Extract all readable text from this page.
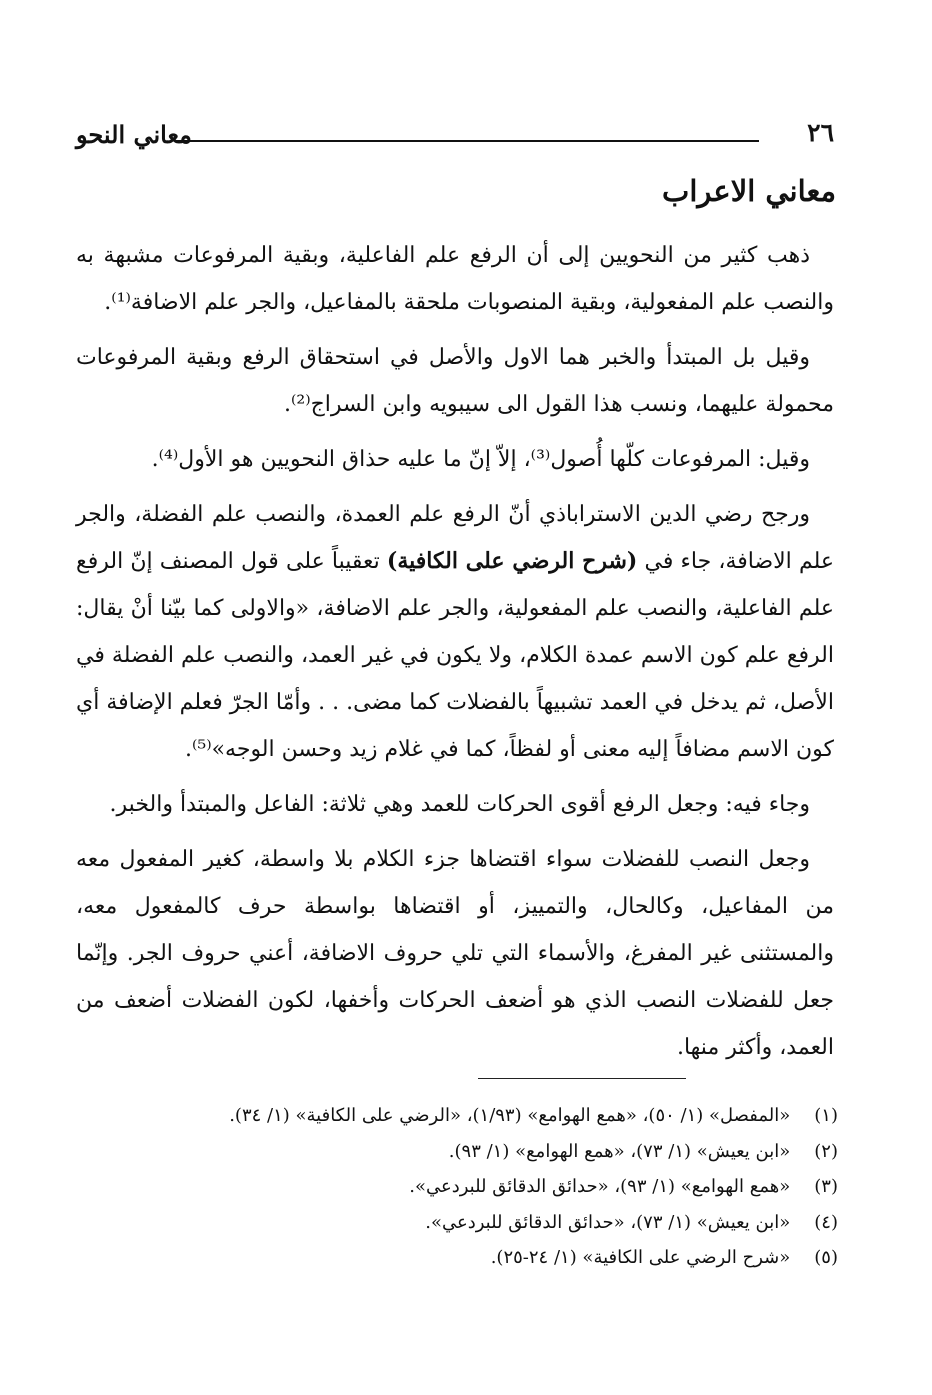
٢٦
معاني النحو
معاني الاعراب

ذهب كثير من النحويين إلى أن الرفع علم الفاعلية، وبقية المرفوعات مشبهة به والنصب علم المفعولية، وبقية المنصوبات ملحقة بالمفاعيل، والجر علم الاضافة⁽¹⁾.

وقيل بل المبتدأ والخبر هما الاول والأصل في استحقاق الرفع وبقية المرفوعات محمولة عليهما، ونسب هذا القول الى سيبويه وابن السراج⁽²⁾.

وقيل: المرفوعات كلّها أُصول⁽³⁾، إلاّ إنّ ما عليه حذاق النحويين هو الأول⁽⁴⁾.

ورجح رضي الدين الاستراباذي أنّ الرفع علم العمدة، والنصب علم الفضلة، والجر علم الاضافة، جاء في (شرح الرضي على الكافية) تعقيباً على قول المصنف إنّ الرفع علم الفاعلية، والنصب علم المفعولية، والجر علم الاضافة، «والاولى كما بيّنا أنْ يقال: الرفع علم كون الاسم عمدة الكلام، ولا يكون في غير العمد، والنصب علم الفضلة في الأصل، ثم يدخل في العمد تشبيهاً بالفضلات كما مضى. . . وأمّا الجرّ فعلم الإضافة أي كون الاسم مضافاً إليه معنى أو لفظاً، كما في غلام زيد وحسن الوجه»⁽⁵⁾.

وجاء فيه: وجعل الرفع أقوى الحركات للعمد وهي ثلاثة: الفاعل والمبتدأ والخبر.

وجعل النصب للفضلات سواء اقتضاها جزء الكلام بلا واسطة، كغير المفعول معه من المفاعيل، وكالحال، والتمييز، أو اقتضاها بواسطة حرف كالمفعول معه، والمستثنى غير المفرغ، والأسماء التي تلي حروف الاضافة، أعني حروف الجر. وإنّما جعل للفضلات النصب الذي هو أضعف الحركات وأخفها، لكون الفضلات أضعف من العمد، وأكثر منها.

(١) «المفصل» (١/ ٥٠)، «همع الهوامع» (١/٩٣)، «الرضي على الكافية» (١/ ٣٤).
(٢) «ابن يعيش» (١/ ٧٣)، «همع الهوامع» (١/ ٩٣).
(٣) «همع الهوامع» (١/ ٩٣)، «حدائق الدقائق للبردعي».
(٤) «ابن يعيش» (١/ ٧٣)، «حدائق الدقائق للبردعي».
(٥) «شرح الرضي على الكافية» (١/ ٢٤-٢٥).
